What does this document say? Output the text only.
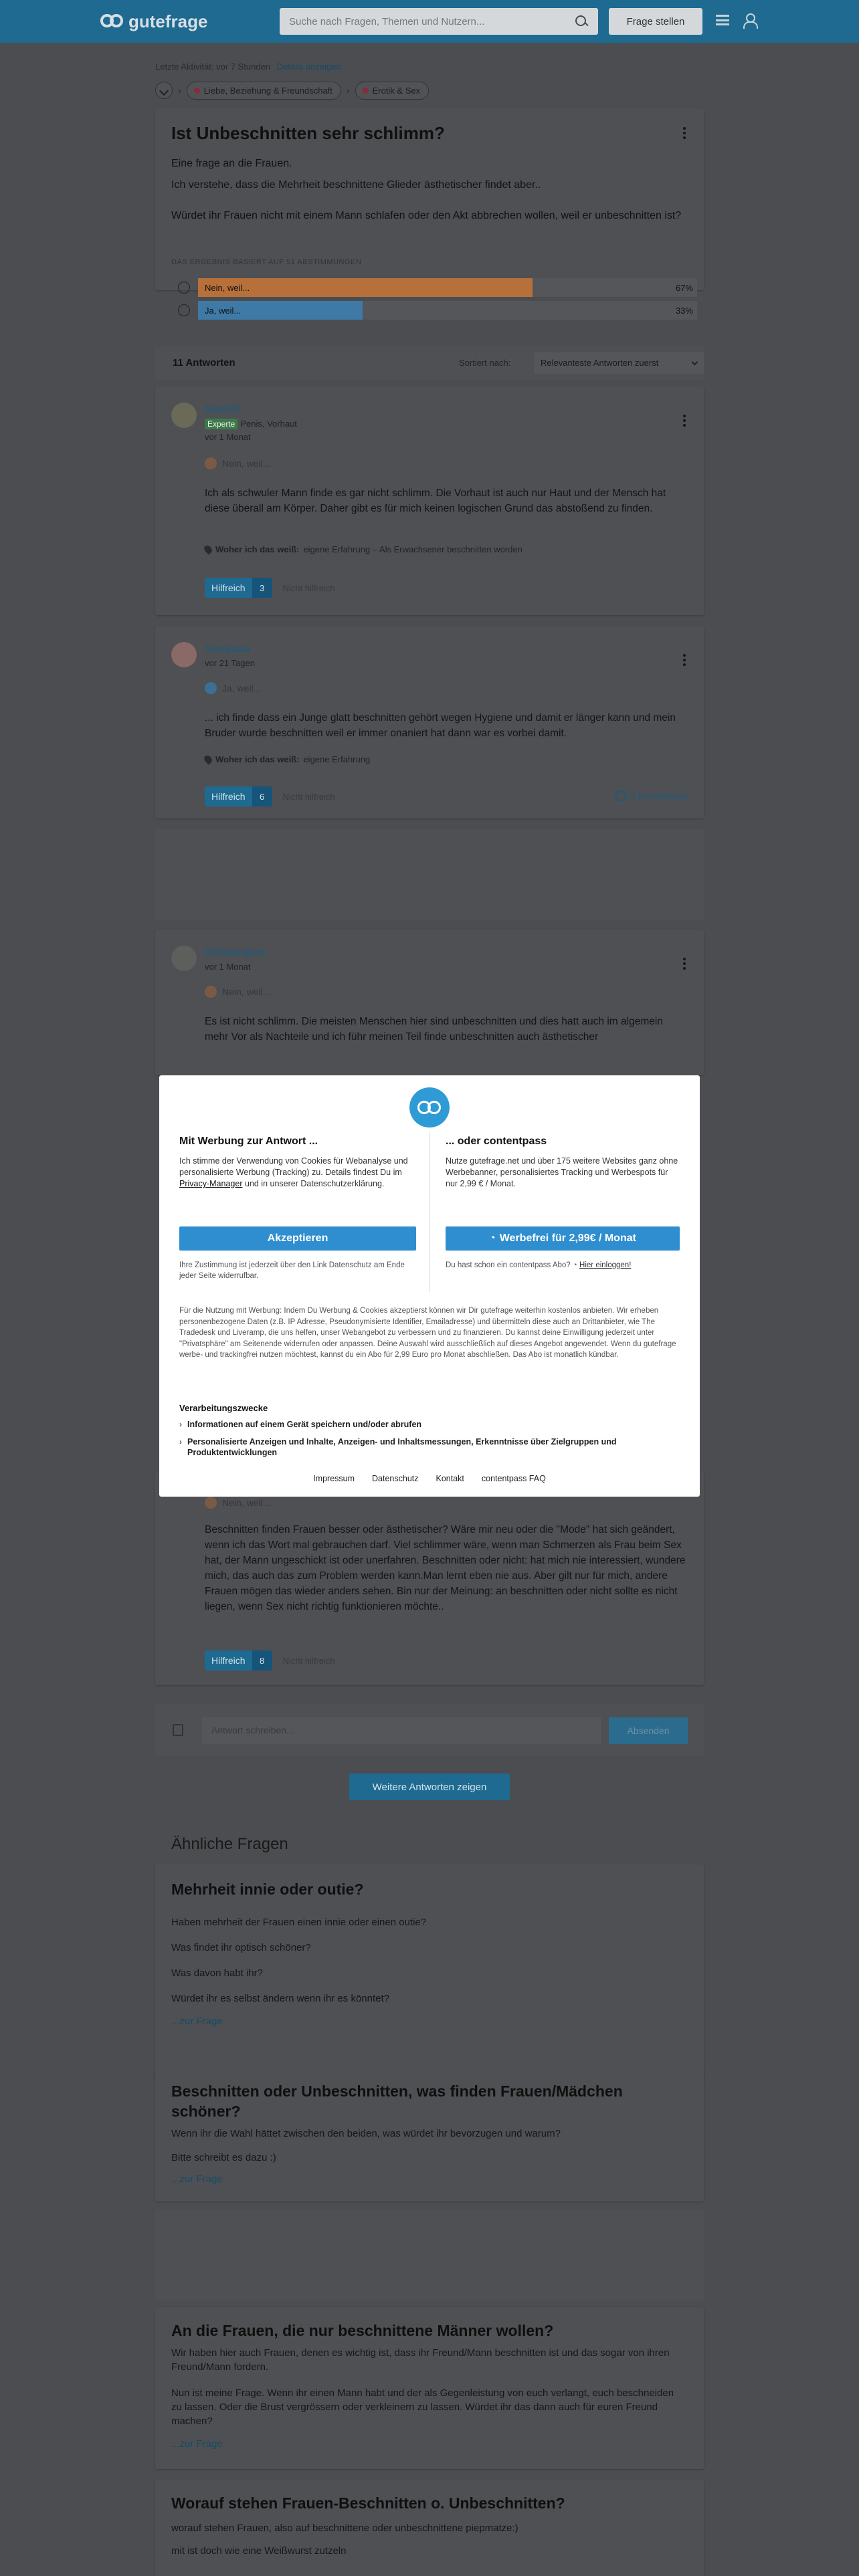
gutefrage	Suche nach Fragen, Themen und Nutzern...	Frage stellen
Letzte Aktivität: vor 7 Stunden Details anzeigen
›	Liebe, Beziehung & Freundschaft ›	Erotik & Sex
Ist Unbeschnitten sehr schlimm?
Eine frage an die Frauen.
Ich verstehe, dass die Mehrheit beschnittene Glieder ästhetischer findet aber..
Würdet ihr Frauen nicht mit einem Mann schlafen oder den Akt abbrechen wollen, weil er unbeschnitten ist?
DAS ERGEBNIS BASIERT AUF 51 ABSTIMMUNGEN
Nein, weil...	67%
Ja, weil...	33%
11 Antworten	Sortiert nach:	Relevanteste Antworten zuerst
Gentlef
Experte Penis, Vorhaut
vor 1 Monat
Nein, weil...
Ich als schwuler Mann finde es gar nicht schlimm. Die Vorhaut ist auch nur Haut und der Mensch hat diese überall am Körper. Daher gibt es für mich keinen logischen Grund das abstoßend zu finden.
Woher ich das weiß: eigene Erfahrung – Als Erwachsener beschnitten worden
Hilfreich	3	Nicht hilfreich
Samyaaa
vor 21 Tagen
Ja, weil...
... ich finde dass ein Junge glatt beschnitten gehört wegen Hygiene und damit er länger kann und mein Bruder wurde beschnitten weil er immer onaniert hat dann war es vorbei damit.
Woher ich das weiß: eigene Erfahrung
Hilfreich	6	Nicht hilfreich	5 Kommentare
Reinkanation
vor 1 Monat
Nein, weil...
Es ist nicht schlimm. Die meisten Menschen hier sind unbeschnitten und dies hatt auch im algemein mehr Vor als Nachteile und ich führ meinen Teil finde unbeschnitten auch ästhetischer
Nein, weil...
Beschnitten finden Frauen besser oder ästhetischer? Wäre mir neu oder die "Mode" hat sich geändert, wenn ich das Wort mal gebrauchen darf. Viel schlimmer wäre, wenn man Schmerzen als Frau beim Sex hat, der Mann ungeschickt ist oder unerfahren. Beschnitten oder nicht: hat mich nie interessiert, wundere mich, das auch das zum Problem werden kann.Man lernt eben nie aus. Aber gilt nur für mich, andere Frauen mögen das wieder anders sehen. Bin nur der Meinung: an beschnitten oder nicht sollte es nicht liegen, wenn Sex nicht richtig funktionieren möchte..
Hilfreich	8	Nicht hilfreich
Mit Werbung zur Antwort ...
Ich stimme der Verwendung von Cookies für Webanalyse und personalisierte Werbung (Tracking) zu. Details findest Du im Privacy-Manager und in unserer Datenschutzerklärung.
Akzeptieren
Ihre Zustimmung ist jederzeit über den Link Datenschutz am Ende jeder Seite widerrufbar.
... oder contentpass
Nutze gutefrage.net und über 175 weitere Websites ganz ohne Werbebanner, personalisiertes Tracking und Werbespots für nur 2,99 € / Monat.
◔ Werbefrei für 2,99€ / Monat
Du hast schon ein contentpass Abo? ◔ Hier einloggen!
Für die Nutzung mit Werbung: Indem Du Werbung & Cookies akzeptierst können wir Dir gutefrage weiterhin kostenlos anbieten. Wir erheben personenbezogene Daten (z.B. IP Adresse, Pseudonymisierte Identifier, Emailadresse) und übermitteln diese auch an Drittanbieter, wie The Tradedesk und Liveramp, die uns helfen, unser Webangebot zu verbessern und zu finanzieren. Du kannst deine Einwilligung jederzeit unter "Privatsphäre" am Seitenende widerrufen oder anpassen. Deine Auswahl wird ausschließlich auf dieses Angebot angewendet. Wenn du gutefrage werbe- und trackingfrei nutzen möchtest, kannst du ein Abo für 2,99 Euro pro Monat abschließen. Das Abo ist monatlich kündbar.
Verarbeitungszwecke
› Informationen auf einem Gerät speichern und/oder abrufen
› Personalisierte Anzeigen und Inhalte, Anzeigen- und Inhaltsmessungen, Erkenntnisse über Zielgruppen und Produktentwicklungen
Impressum Datenschutz Kontakt contentpass FAQ
Antwort schreiben...	Absenden
Weitere Antworten zeigen
Ähnliche Fragen
Mehrheit innie oder outie?
Haben mehrheit der Frauen einen innie oder einen outie?
Was findet ihr optisch schöner?
Was davon habt ihr?
Würdet ihr es selbst ändern wenn ihr es könntet?
...zur Frage
Beschnitten oder Unbeschnitten, was finden Frauen/Mädchen schöner?
Wenn ihr die Wahl hättet zwischen den beiden, was würdet ihr bevorzugen und warum?
Bitte schreibt es dazu :)
...zur Frage
An die Frauen, die nur beschnittene Männer wollen?
Wir haben hier auch Frauen, denen es wichtig ist, dass ihr Freund/Mann beschnitten ist und das sogar von ihren Freund/Mann fordern.
Nun ist meine Frage. Wenn ihr einen Mann habt und der als Gegenleistung von euch verlangt, euch beschneiden zu lassen. Oder die Brust vergrössern oder verkleinern zu lassen. Würdet ihr das dann auch für euren Freund machen?
...zur Frage
Worauf stehen Frauen-Beschnitten o. Unbeschnitten?
worauf stehen Frauen, also auf beschnittene oder unbeschnittene piepmatze:)
mit ist doch wie eine Weißwurst zutzeln
